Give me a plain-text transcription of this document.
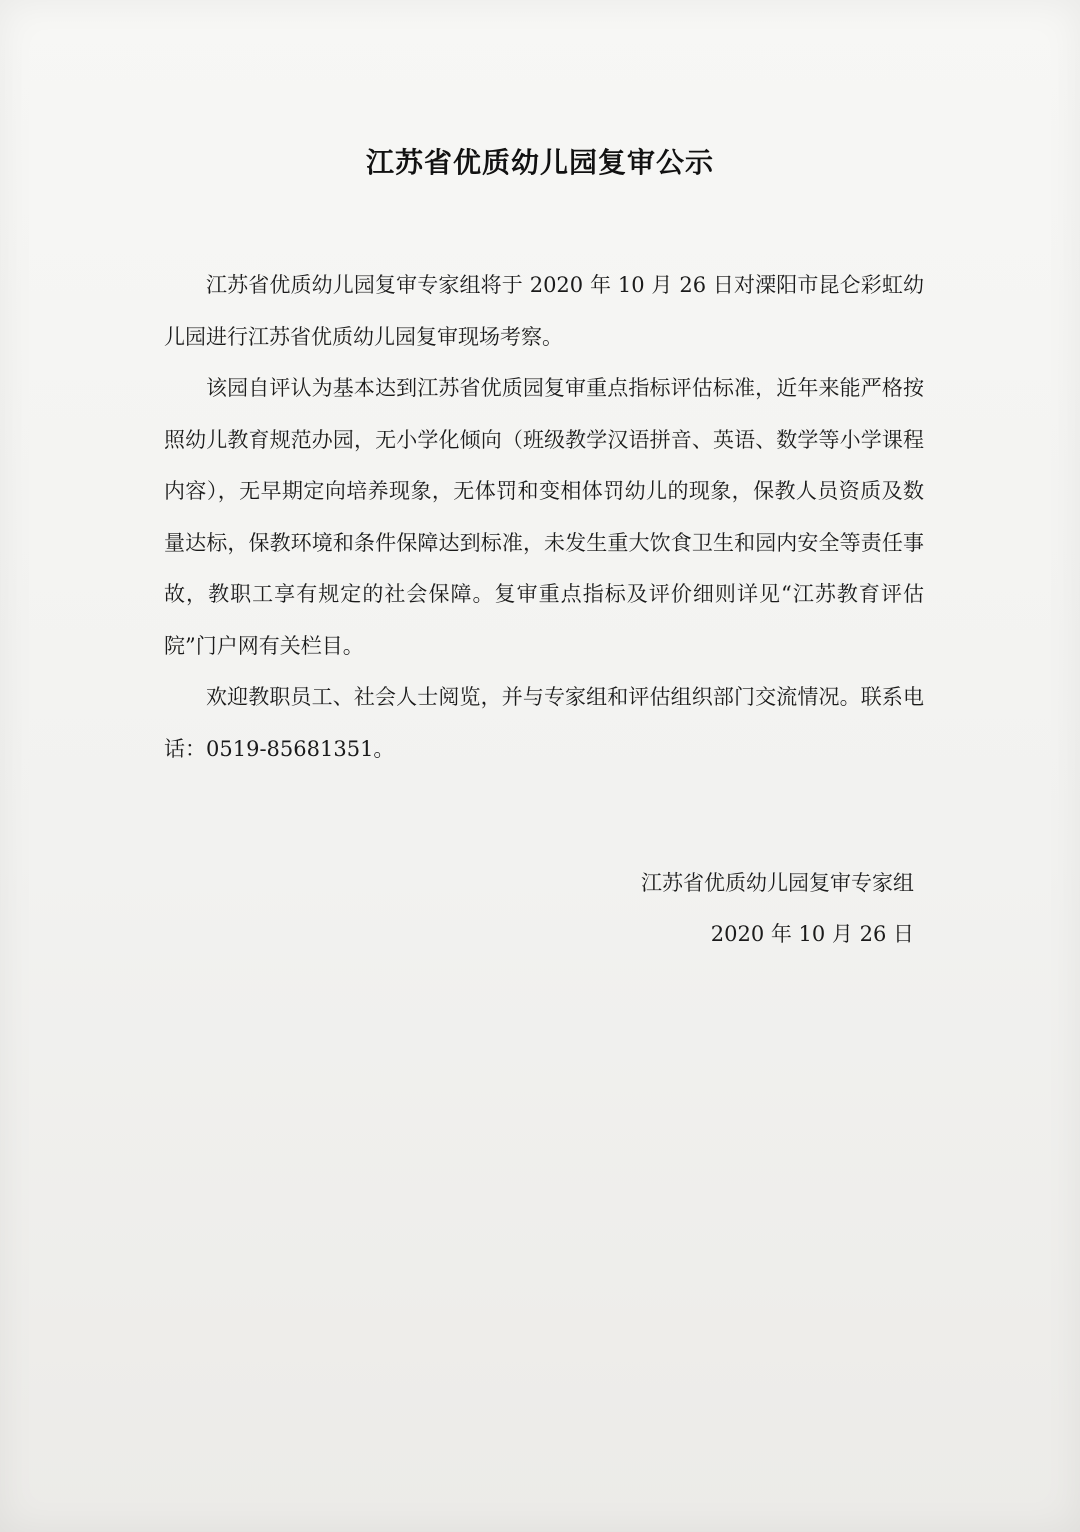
江苏省优质幼儿园复审公示

江苏省优质幼儿园复审专家组将于 2020 年 10 月 26 日对溧阳市昆仑彩虹幼儿园进行江苏省优质幼儿园复审现场考察。

该园自评认为基本达到江苏省优质园复审重点指标评估标准，近年来能严格按照幼儿教育规范办园，无小学化倾向（班级教学汉语拼音、英语、数学等小学课程内容），无早期定向培养现象，无体罚和变相体罚幼儿的现象，保教人员资质及数量达标，保教环境和条件保障达到标准，未发生重大饮食卫生和园内安全等责任事故，教职工享有规定的社会保障。复审重点指标及评价细则详见“江苏教育评估院”门户网有关栏目。

欢迎教职员工、社会人士阅览，并与专家组和评估组织部门交流情况。联系电话：0519-85681351。

江苏省优质幼儿园复审专家组
2020 年 10 月 26 日
